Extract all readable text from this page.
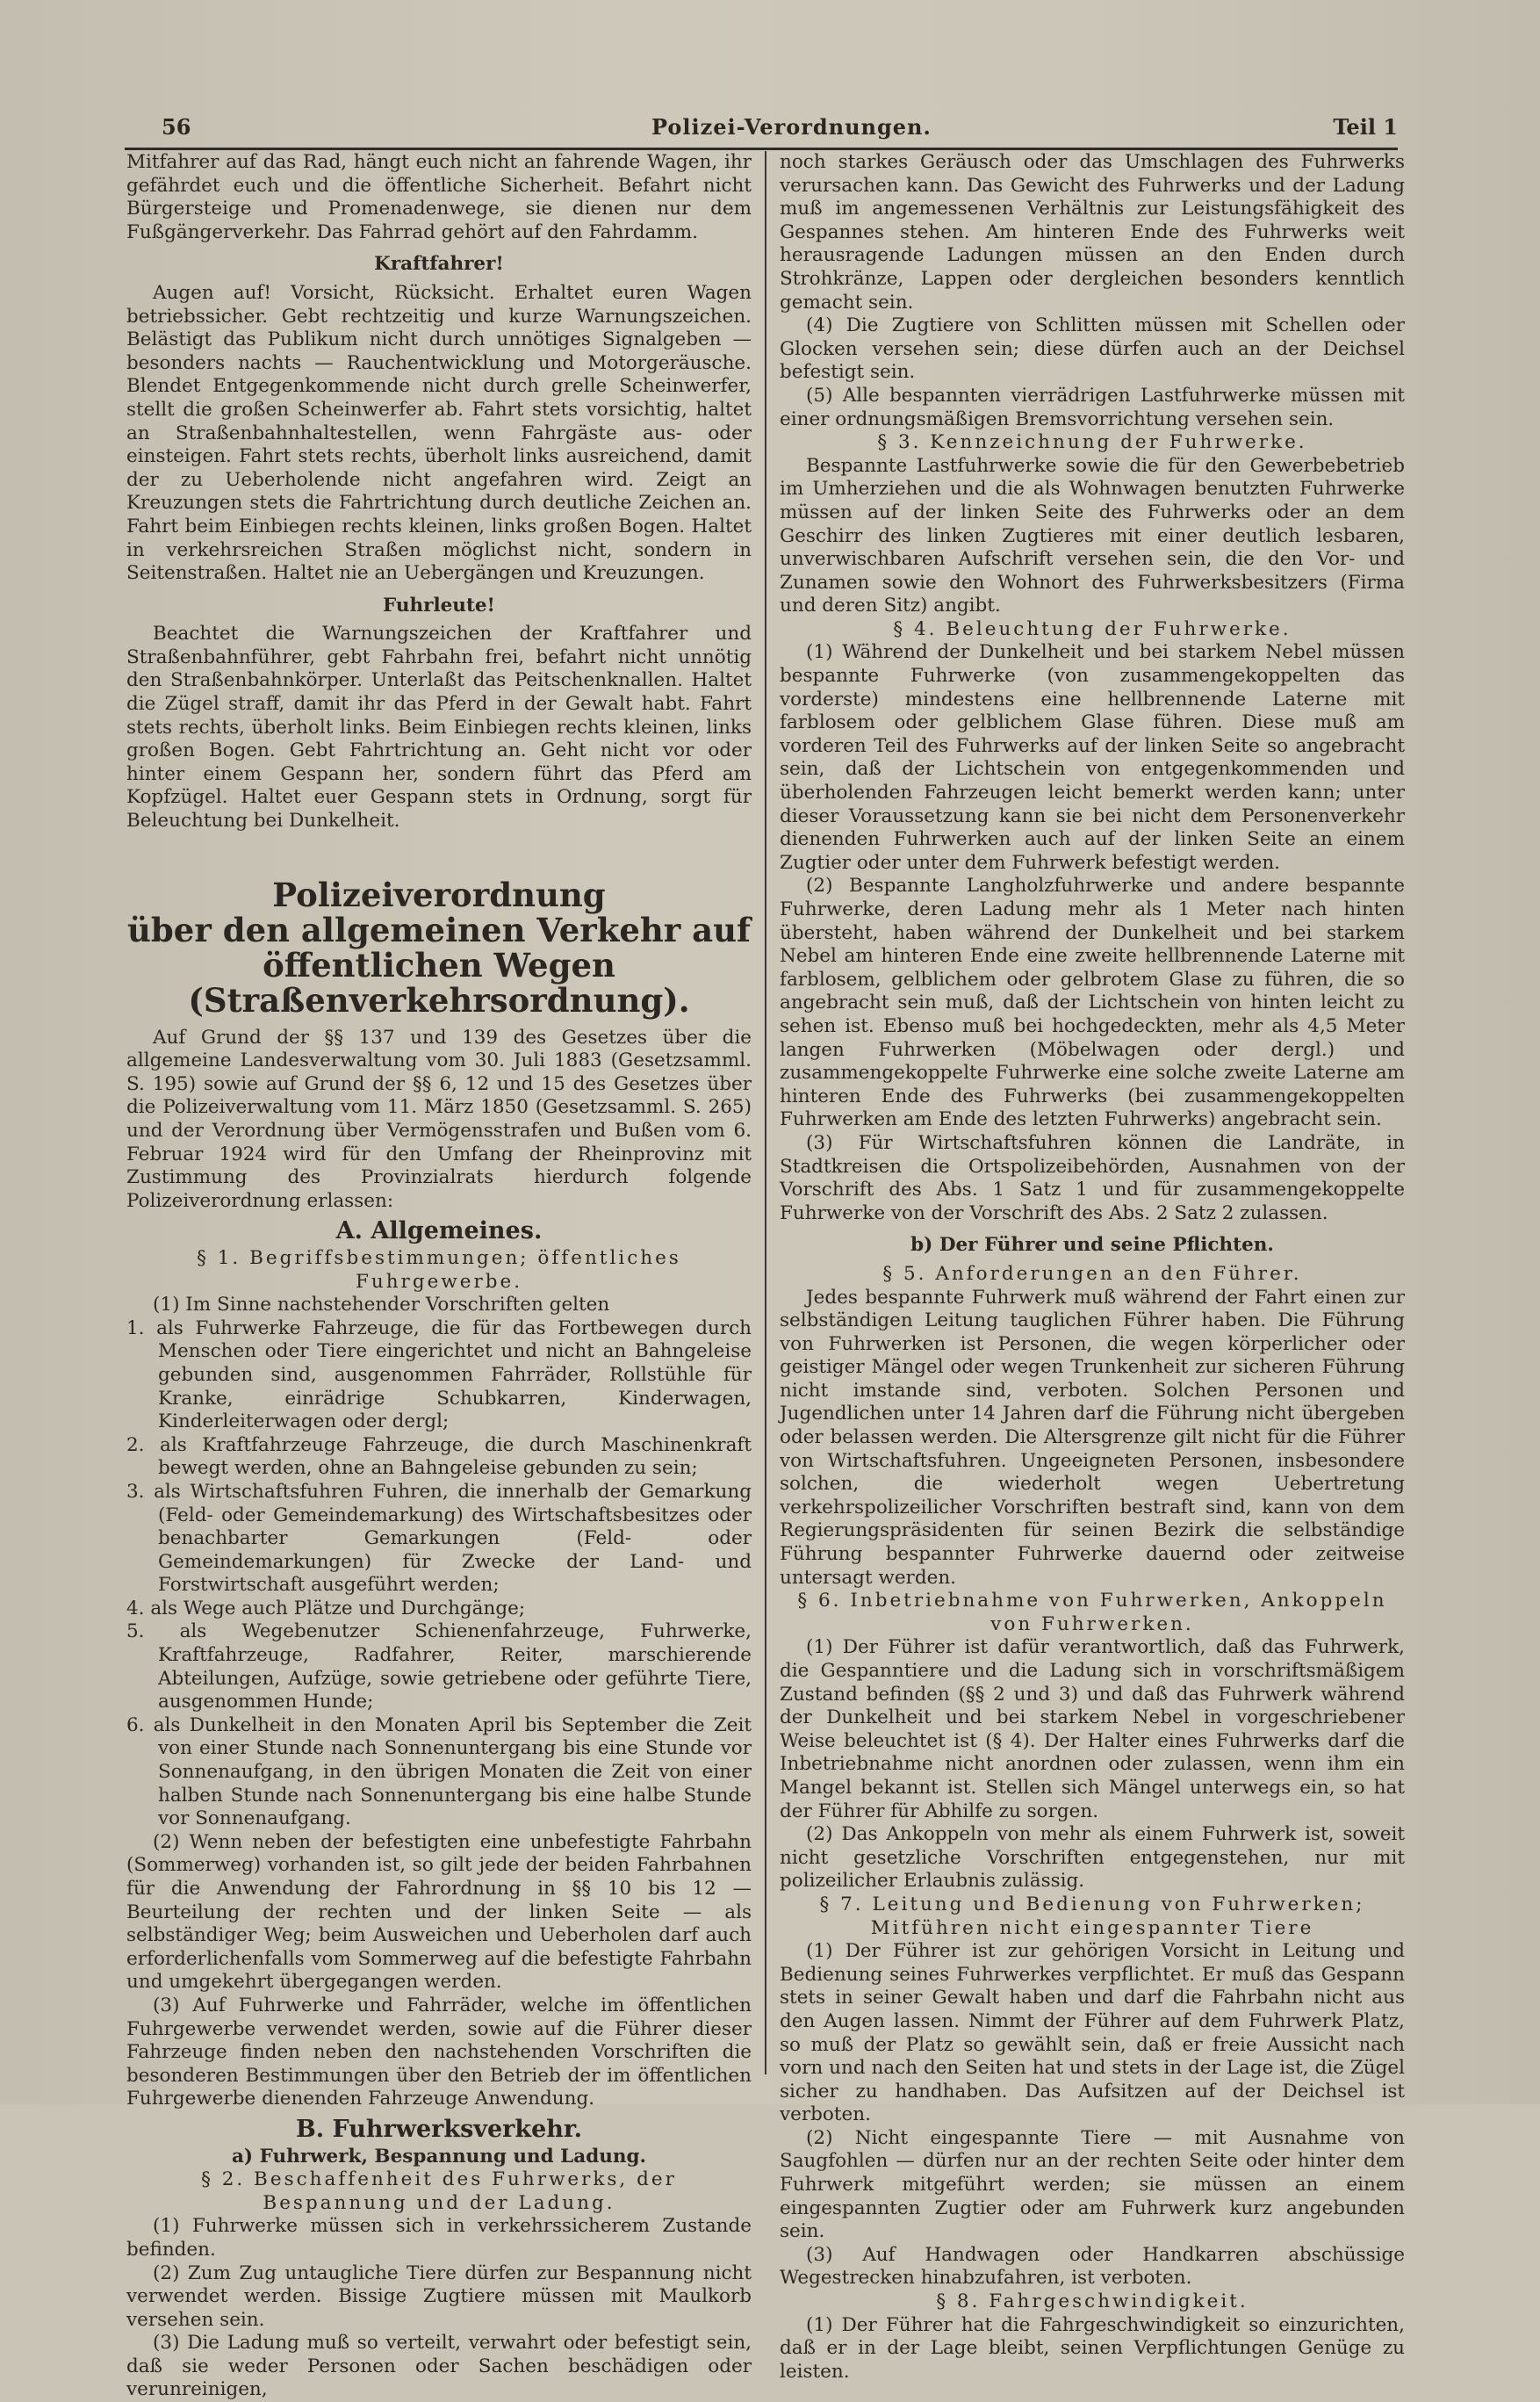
56	Polizei-Verordnungen.	Teil 1

Mitfahrer auf das Rad, hängt euch nicht an fahrende Wagen, ihr gefährdet euch und die öffentliche Sicherheit. Befahrt nicht Bürgersteige und Promenadenwege, sie dienen nur dem Fußgängerverkehr. Das Fahrrad gehört auf den Fahrdamm.

Kraftfahrer!

Augen auf! Vorsicht, Rücksicht. Erhaltet euren Wagen betriebssicher. Gebt rechtzeitig und kurze Warnungszeichen. Belästigt das Publikum nicht durch unnötiges Signalgeben — besonders nachts — Rauchentwicklung und Motorgeräusche. Blendet Entgegenkommende nicht durch grelle Scheinwerfer, stellt die großen Scheinwerfer ab. Fahrt stets vorsichtig, haltet an Straßenbahnhaltestellen, wenn Fahrgäste aus- oder einsteigen. Fahrt stets rechts, überholt links ausreichend, damit der zu Ueberholende nicht angefahren wird. Zeigt an Kreuzungen stets die Fahrtrichtung durch deutliche Zeichen an. Fahrt beim Einbiegen rechts kleinen, links großen Bogen. Haltet in verkehrsreichen Straßen möglichst nicht, sondern in Seitenstraßen. Haltet nie an Uebergängen und Kreuzungen.

Fuhrleute!

Beachtet die Warnungszeichen der Kraftfahrer und Straßenbahnführer, gebt Fahrbahn frei, befahrt nicht unnötig den Straßenbahnkörper. Unterlaßt das Peitschenknallen. Haltet die Zügel straff, damit ihr das Pferd in der Gewalt habt. Fahrt stets rechts, überholt links. Beim Einbiegen rechts kleinen, links großen Bogen. Gebt Fahrtrichtung an. Geht nicht vor oder hinter einem Gespann her, sondern führt das Pferd am Kopfzügel. Haltet euer Gespann stets in Ordnung, sorgt für Beleuchtung bei Dunkelheit.

Polizeiverordnung
über den allgemeinen Verkehr auf
öffentlichen Wegen
(Straßenverkehrsordnung).

Auf Grund der §§ 137 und 139 des Gesetzes über die allgemeine Landesverwaltung vom 30. Juli 1883 (Gesetzsamml. S. 195) sowie auf Grund der §§ 6, 12 und 15 des Gesetzes über die Polizeiverwaltung vom 11. März 1850 (Gesetzsamml. S. 265) und der Verordnung über Vermögensstrafen und Bußen vom 6. Februar 1924 wird für den Umfang der Rheinprovinz mit Zustimmung des Provinzialrats hierdurch folgende Polizeiverordnung erlassen:

A. Allgemeines.
§ 1. Begriffsbestimmungen; öffentliches Fuhrgewerbe.

(1) Im Sinne nachstehender Vorschriften gelten

1. als Fuhrwerke Fahrzeuge, die für das Fortbewegen durch Menschen oder Tiere eingerichtet und nicht an Bahngeleise gebunden sind, ausgenommen Fahrräder, Rollstühle für Kranke, einrädrige Schubkarren, Kinderwagen, Kinderleiterwagen oder dergl;

2. als Kraftfahrzeuge Fahrzeuge, die durch Maschinenkraft bewegt werden, ohne an Bahngeleise gebunden zu sein;

3. als Wirtschaftsfuhren Fuhren, die innerhalb der Gemarkung (Feld- oder Gemeindemarkung) des Wirtschaftsbesitzes oder benachbarter Gemarkungen (Feld- oder Gemeindemarkungen) für Zwecke der Land- und Forstwirtschaft ausgeführt werden;

4. als Wege auch Plätze und Durchgänge;

5. als Wegebenutzer Schienenfahrzeuge, Fuhrwerke, Kraftfahrzeuge, Radfahrer, Reiter, marschierende Abteilungen, Aufzüge, sowie getriebene oder geführte Tiere, ausgenommen Hunde;

6. als Dunkelheit in den Monaten April bis September die Zeit von einer Stunde nach Sonnenuntergang bis eine Stunde vor Sonnenaufgang, in den übrigen Monaten die Zeit von einer halben Stunde nach Sonnenuntergang bis eine halbe Stunde vor Sonnenaufgang.

(2) Wenn neben der befestigten eine unbefestigte Fahrbahn (Sommerweg) vorhanden ist, so gilt jede der beiden Fahrbahnen für die Anwendung der Fahrordnung in §§ 10 bis 12 — Beurteilung der rechten und der linken Seite — als selbständiger Weg; beim Ausweichen und Ueberholen darf auch erforderlichenfalls vom Sommerweg auf die befestigte Fahrbahn und umgekehrt übergegangen werden.

(3) Auf Fuhrwerke und Fahrräder, welche im öffentlichen Fuhrgewerbe verwendet werden, sowie auf die Führer dieser Fahrzeuge finden neben den nachstehenden Vorschriften die besonderen Bestimmungen über den Betrieb der im öffentlichen Fuhrgewerbe dienenden Fahrzeuge Anwendung.

B. Fuhrwerksverkehr.
a) Fuhrwerk, Bespannung und Ladung.
§ 2. Beschaffenheit des Fuhrwerks, der Bespannung und der Ladung.

(1) Fuhrwerke müssen sich in verkehrssicherem Zustande befinden.

(2) Zum Zug untaugliche Tiere dürfen zur Bespannung nicht verwendet werden. Bissige Zugtiere müssen mit Maulkorb versehen sein.

(3) Die Ladung muß so verteilt, verwahrt oder befestigt sein, daß sie weder Personen oder Sachen beschädigen oder verunreinigen,

noch starkes Geräusch oder das Umschlagen des Fuhrwerks verursachen kann. Das Gewicht des Fuhrwerks und der Ladung muß im angemessenen Verhältnis zur Leistungsfähigkeit des Gespannes stehen. Am hinteren Ende des Fuhrwerks weit herausragende Ladungen müssen an den Enden durch Strohkränze, Lappen oder dergleichen besonders kenntlich gemacht sein.

(4) Die Zugtiere von Schlitten müssen mit Schellen oder Glocken versehen sein; diese dürfen auch an der Deichsel befestigt sein.

(5) Alle bespannten vierrädrigen Lastfuhrwerke müssen mit einer ordnungsmäßigen Bremsvorrichtung versehen sein.

§ 3. Kennzeichnung der Fuhrwerke.

Bespannte Lastfuhrwerke sowie die für den Gewerbebetrieb im Umherziehen und die als Wohnwagen benutzten Fuhrwerke müssen auf der linken Seite des Fuhrwerks oder an dem Geschirr des linken Zugtieres mit einer deutlich lesbaren, unverwischbaren Aufschrift versehen sein, die den Vor- und Zunamen sowie den Wohnort des Fuhrwerksbesitzers (Firma und deren Sitz) angibt.

§ 4. Beleuchtung der Fuhrwerke.

(1) Während der Dunkelheit und bei starkem Nebel müssen bespannte Fuhrwerke (von zusammengekoppelten das vorderste) mindestens eine hellbrennende Laterne mit farblosem oder gelblichem Glase führen. Diese muß am vorderen Teil des Fuhrwerks auf der linken Seite so angebracht sein, daß der Lichtschein von entgegenkommenden und überholenden Fahrzeugen leicht bemerkt werden kann; unter dieser Voraussetzung kann sie bei nicht dem Personenverkehr dienenden Fuhrwerken auch auf der linken Seite an einem Zugtier oder unter dem Fuhrwerk befestigt werden.

(2) Bespannte Langholzfuhrwerke und andere bespannte Fuhrwerke, deren Ladung mehr als 1 Meter nach hinten übersteht, haben während der Dunkelheit und bei starkem Nebel am hinteren Ende eine zweite hellbrennende Laterne mit farblosem, gelblichem oder gelbrotem Glase zu führen, die so angebracht sein muß, daß der Lichtschein von hinten leicht zu sehen ist. Ebenso muß bei hochgedeckten, mehr als 4,5 Meter langen Fuhrwerken (Möbelwagen oder dergl.) und zusammengekoppelte Fuhrwerke eine solche zweite Laterne am hinteren Ende des Fuhrwerks (bei zusammengekoppelten Fuhrwerken am Ende des letzten Fuhrwerks) angebracht sein.

(3) Für Wirtschaftsfuhren können die Landräte, in Stadtkreisen die Ortspolizeibehörden, Ausnahmen von der Vorschrift des Abs. 1 Satz 1 und für zusammengekoppelte Fuhrwerke von der Vorschrift des Abs. 2 Satz 2 zulassen.

b) Der Führer und seine Pflichten.
§ 5. Anforderungen an den Führer.

Jedes bespannte Fuhrwerk muß während der Fahrt einen zur selbständigen Leitung tauglichen Führer haben. Die Führung von Fuhrwerken ist Personen, die wegen körperlicher oder geistiger Mängel oder wegen Trunkenheit zur sicheren Führung nicht imstande sind, verboten. Solchen Personen und Jugendlichen unter 14 Jahren darf die Führung nicht übergeben oder belassen werden. Die Altersgrenze gilt nicht für die Führer von Wirtschaftsfuhren. Ungeeigneten Personen, insbesondere solchen, die wiederholt wegen Uebertretung verkehrspolizeilicher Vorschriften bestraft sind, kann von dem Regierungspräsidenten für seinen Bezirk die selbständige Führung bespannter Fuhrwerke dauernd oder zeitweise untersagt werden.

§ 6. Inbetriebnahme von Fuhrwerken, Ankoppeln von Fuhrwerken.

(1) Der Führer ist dafür verantwortlich, daß das Fuhrwerk, die Gespanntiere und die Ladung sich in vorschriftsmäßigem Zustand befinden (§§ 2 und 3) und daß das Fuhrwerk während der Dunkelheit und bei starkem Nebel in vorgeschriebener Weise beleuchtet ist (§ 4). Der Halter eines Fuhrwerks darf die Inbetriebnahme nicht anordnen oder zulassen, wenn ihm ein Mangel bekannt ist. Stellen sich Mängel unterwegs ein, so hat der Führer für Abhilfe zu sorgen.

(2) Das Ankoppeln von mehr als einem Fuhrwerk ist, soweit nicht gesetzliche Vorschriften entgegenstehen, nur mit polizeilicher Erlaubnis zulässig.

§ 7. Leitung und Bedienung von Fuhrwerken; Mitführen nicht eingespannter Tiere

(1) Der Führer ist zur gehörigen Vorsicht in Leitung und Bedienung seines Fuhrwerkes verpflichtet. Er muß das Gespann stets in seiner Gewalt haben und darf die Fahrbahn nicht aus den Augen lassen. Nimmt der Führer auf dem Fuhrwerk Platz, so muß der Platz so gewählt sein, daß er freie Aussicht nach vorn und nach den Seiten hat und stets in der Lage ist, die Zügel sicher zu handhaben. Das Aufsitzen auf der Deichsel ist verboten.

(2) Nicht eingespannte Tiere — mit Ausnahme von Saugfohlen — dürfen nur an der rechten Seite oder hinter dem Fuhrwerk mitgeführt werden; sie müssen an einem eingespannten Zugtier oder am Fuhrwerk kurz angebunden sein.

(3) Auf Handwagen oder Handkarren abschüssige Wegestrecken hinabzufahren, ist verboten.

§ 8. Fahrgeschwindigkeit.

(1) Der Führer hat die Fahrgeschwindigkeit so einzurichten, daß er in der Lage bleibt, seinen Verpflichtungen Genüge zu leisten.
